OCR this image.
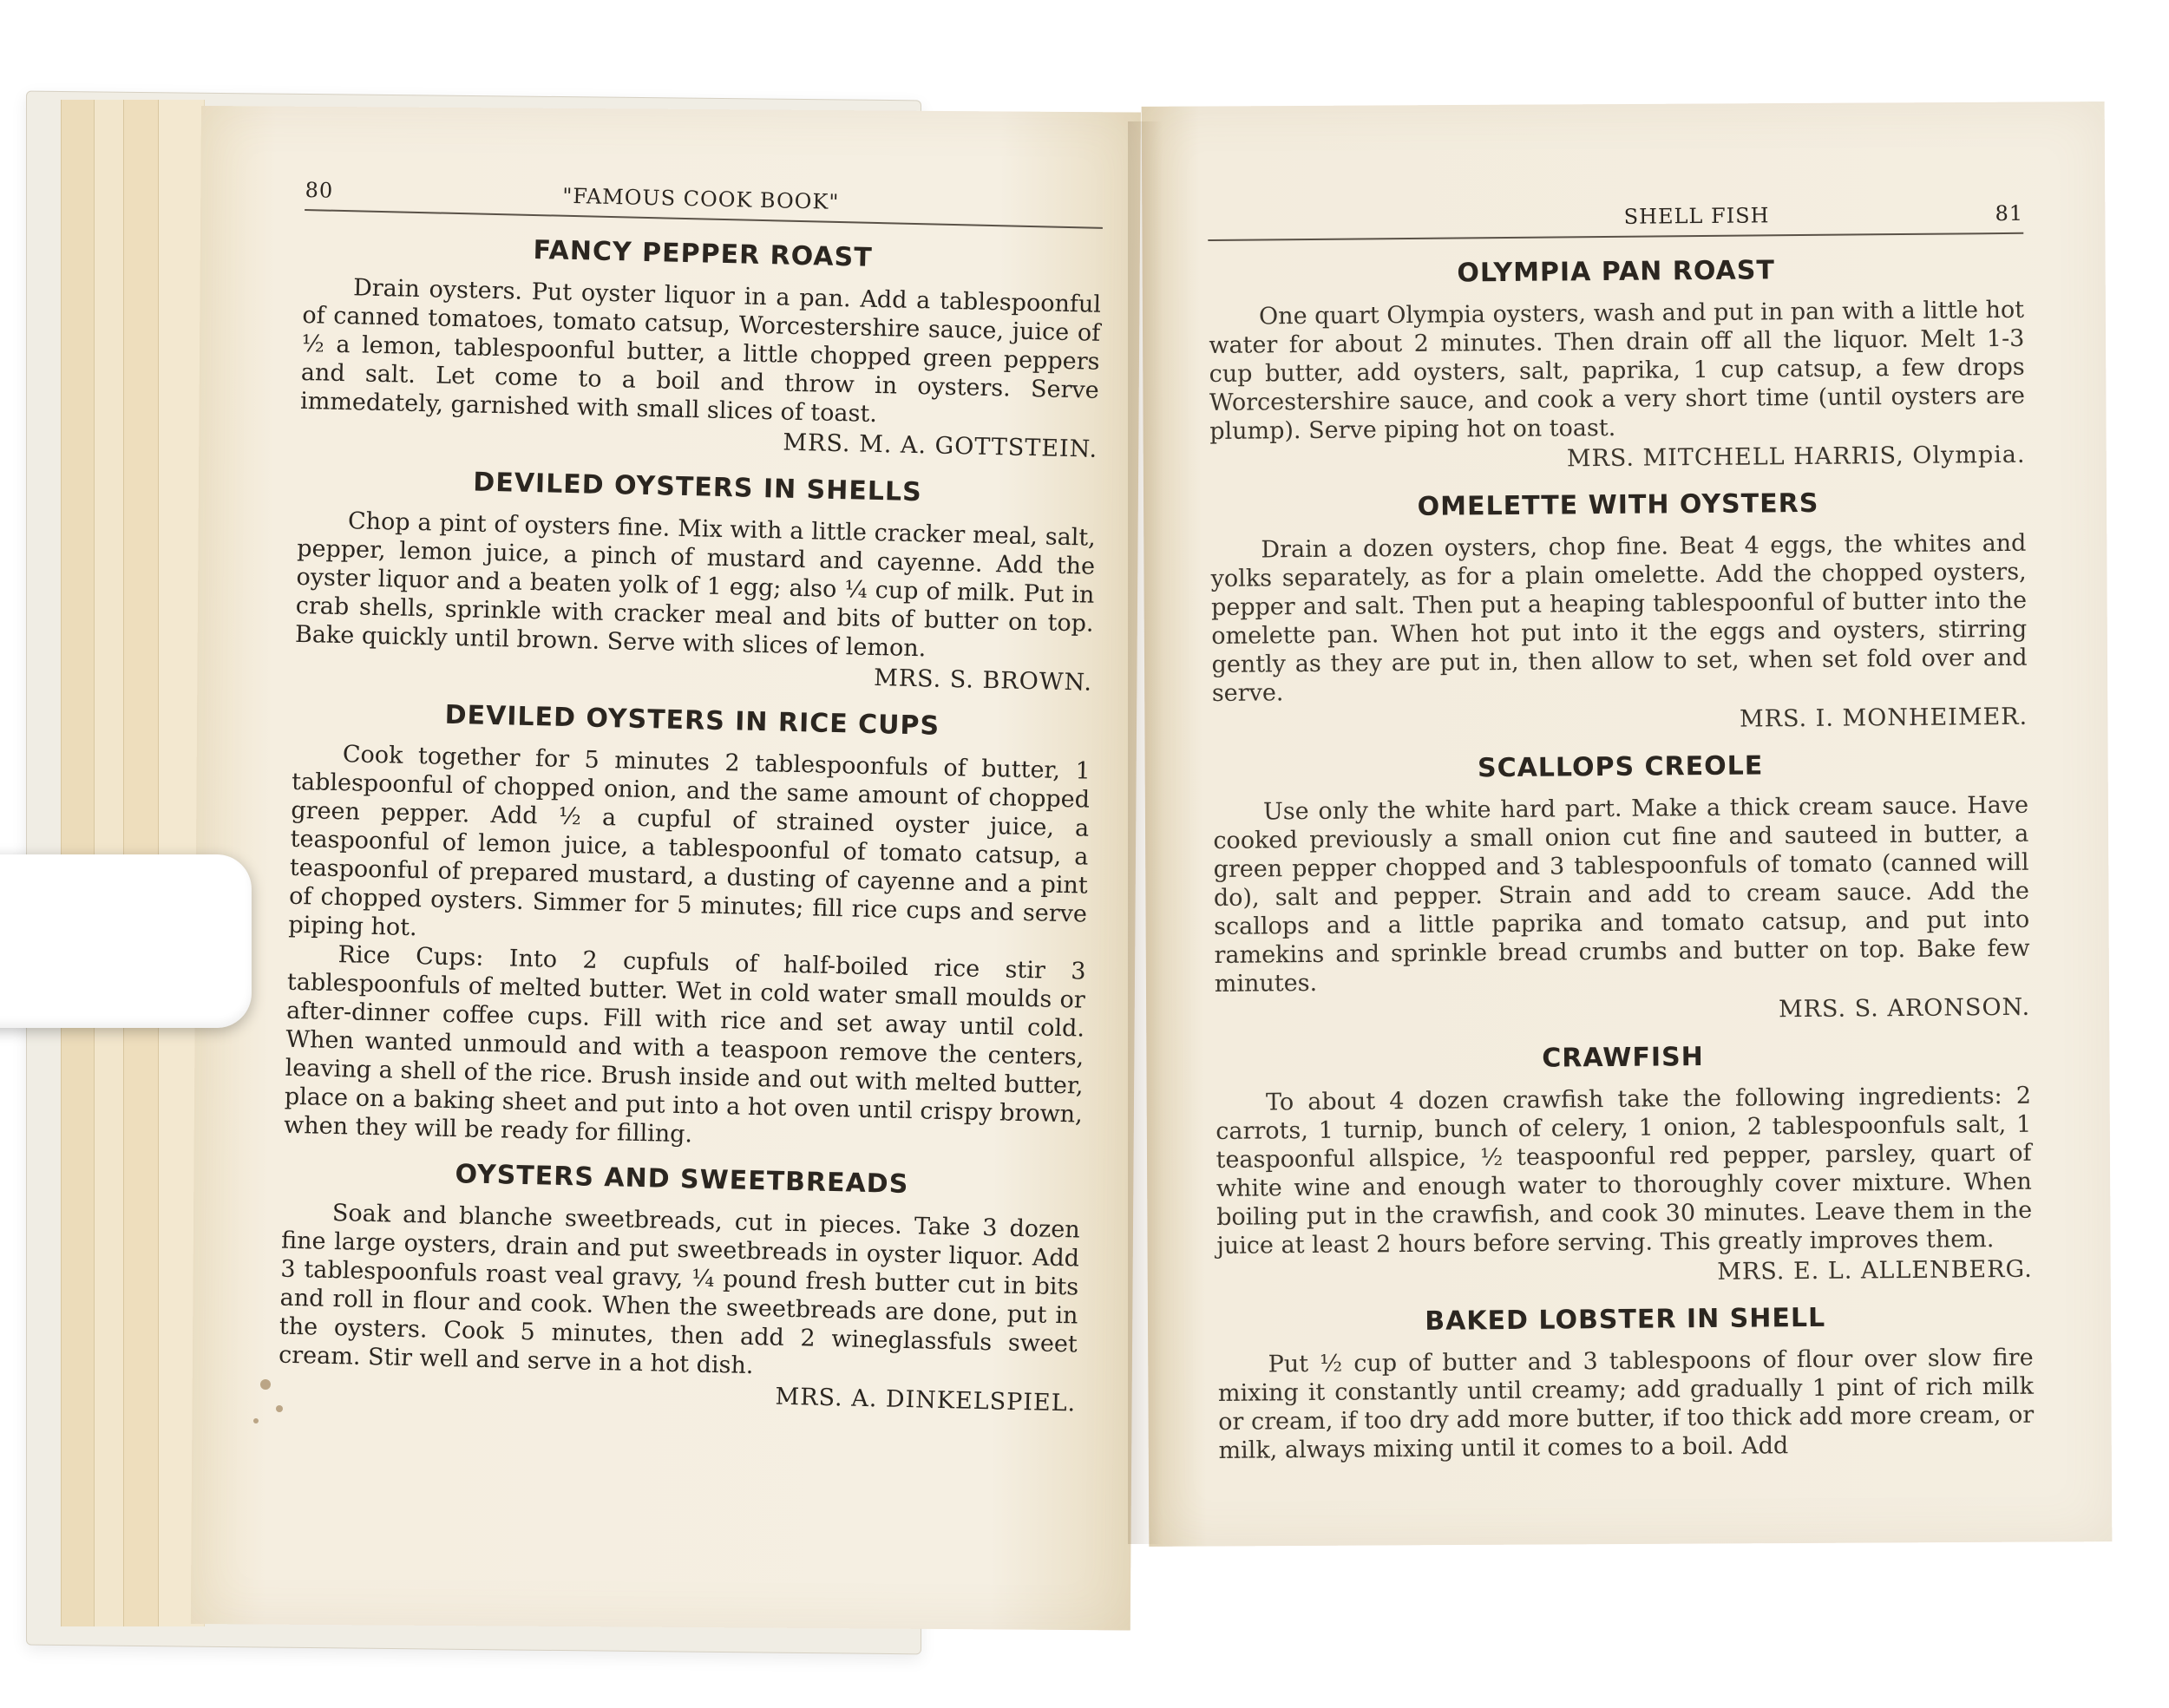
80	"FAMOUS COOK BOOK"
FANCY PEPPER ROAST

Drain oysters. Put oyster liquor in a pan. Add a tablespoonful of canned tomatoes, tomato catsup, Worcestershire sauce, juice of ½ a lemon, tablespoonful butter, a little chopped green peppers and salt. Let come to a boil and throw in oysters. Serve immedately, garnished with small slices of toast.

MRS. M. A. GOTTSTEIN.
DEVILED OYSTERS IN SHELLS

Chop a pint of oysters fine. Mix with a little cracker meal, salt, pepper, lemon juice, a pinch of mustard and cayenne. Add the oyster liquor and a beaten yolk of 1 egg; also ¼ cup of milk. Put in crab shells, sprinkle with cracker meal and bits of butter on top. Bake quickly until brown. Serve with slices of lemon.

MRS. S. BROWN.
DEVILED OYSTERS IN RICE CUPS

Cook together for 5 minutes 2 tablespoonfuls of butter, 1 tablespoonful of chopped onion, and the same amount of chopped green pepper. Add ½ a cupful of strained oyster juice, a teaspoonful of lemon juice, a tablespoonful of tomato catsup, a teaspoonful of prepared mustard, a dusting of cayenne and a pint of chopped oysters. Simmer for 5 minutes; fill rice cups and serve piping hot.

Rice Cups: Into 2 cupfuls of half-boiled rice stir 3 tablespoonfuls of melted butter. Wet in cold water small moulds or after-dinner coffee cups. Fill with rice and set away until cold. When wanted unmould and with a teaspoon remove the centers, leaving a shell of the rice. Brush inside and out with melted butter, place on a baking sheet and put into a hot oven until crispy brown, when they will be ready for filling.

OYSTERS AND SWEETBREADS

Soak and blanche sweetbreads, cut in pieces. Take 3 dozen fine large oysters, drain and put sweetbreads in oyster liquor. Add 3 tablespoonfuls roast veal gravy, ¼ pound fresh butter cut in bits and roll in flour and cook. When the sweetbreads are done, put in the oysters. Cook 5 minutes, then add 2 wineglassfuls sweet cream. Stir well and serve in a hot dish.

MRS. A. DINKELSPIEL.
SHELL FISH	81
OLYMPIA PAN ROAST

One quart Olympia oysters, wash and put in pan with a little hot water for about 2 minutes. Then drain off all the liquor. Melt 1-3 cup butter, add oysters, salt, paprika, 1 cup catsup, a few drops Worcestershire sauce, and cook a very short time (until oysters are plump). Serve piping hot on toast.

MRS. MITCHELL HARRIS, Olympia.
OMELETTE WITH OYSTERS

Drain a dozen oysters, chop fine. Beat 4 eggs, the whites and yolks separately, as for a plain omelette. Add the chopped oysters, pepper and salt. Then put a heaping tablespoonful of butter into the omelette pan. When hot put into it the eggs and oysters, stirring gently as they are put in, then allow to set, when set fold over and serve.

MRS. I. MONHEIMER.
SCALLOPS CREOLE

Use only the white hard part. Make a thick cream sauce. Have cooked previously a small onion cut fine and sauteed in butter, a green pepper chopped and 3 tablespoonfuls of tomato (canned will do), salt and pepper. Strain and add to cream sauce. Add the scallops and a little paprika and tomato catsup, and put into ramekins and sprinkle bread crumbs and butter on top. Bake few minutes.

MRS. S. ARONSON.
CRAWFISH

To about 4 dozen crawfish take the following ingredients: 2 carrots, 1 turnip, bunch of celery, 1 onion, 2 tablespoonfuls salt, 1 teaspoonful allspice, ½ teaspoonful red pepper, parsley, quart of white wine and enough water to thoroughly cover mixture. When boiling put in the crawfish, and cook 30 minutes. Leave them in the juice at least 2 hours before serving. This greatly improves them.

MRS. E. L. ALLENBERG.
BAKED LOBSTER IN SHELL

Put ½ cup of butter and 3 tablespoons of flour over slow fire mixing it constantly until creamy; add gradually 1 pint of rich milk or cream, if too dry add more butter, if too thick add more cream, or milk, always mixing until it comes to a boil. Add
